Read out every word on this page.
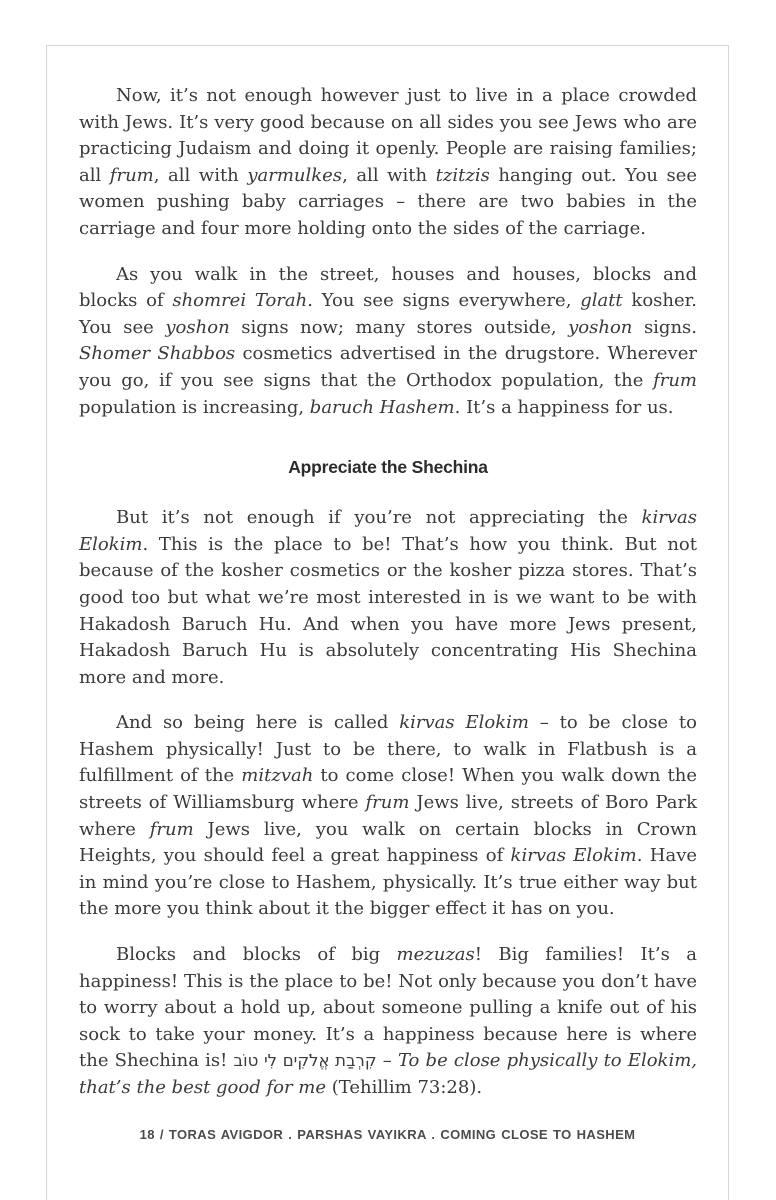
Now, it’s not enough however just to live in a place crowded with Jews. It’s very good because on all sides you see Jews who are practicing Judaism and doing it openly. People are raising families; all frum, all with yarmulkes, all with tzitzis hanging out. You see women pushing baby carriages – there are two babies in the carriage and four more holding onto the sides of the carriage.

As you walk in the street, houses and houses, blocks and blocks of shomrei Torah. You see signs everywhere, glatt kosher. You see yoshon signs now; many stores outside, yoshon signs. Shomer Shabbos cosmetics advertised in the drugstore. Wherever you go, if you see signs that the Orthodox population, the frum population is increasing, baruch Hashem. It’s a happiness for us.

Appreciate the Shechina

But it’s not enough if you’re not appreciating the kirvas Elokim. This is the place to be! That’s how you think. But not because of the kosher cosmetics or the kosher pizza stores. That’s good too but what we’re most interested in is we want to be with Hakadosh Baruch Hu. And when you have more Jews present, Hakadosh Baruch Hu is absolutely concentrating His Shechina more and more.

And so being here is called kirvas Elokim – to be close to Hashem physically! Just to be there, to walk in Flatbush is a fulfillment of the mitzvah to come close! When you walk down the streets of Williamsburg where frum Jews live, streets of Boro Park where frum Jews live, you walk on certain blocks in Crown Heights, you should feel a great happiness of kirvas Elokim. Have in mind you’re close to Hashem, physically. It’s true either way but the more you think about it the bigger effect it has on you.

Blocks and blocks of big mezuzas! Big families! It’s a happiness! This is the place to be! Not only because you don’t have to worry about a hold up, about someone pulling a knife out of his sock to take your money. It’s a happiness because here is where the Shechina is! קִרְבַת אֱלֹקִים לִי טוֹב – To be close physically to Elokim, that’s the best good for me (Tehillim 73:28).

18 / TORAS AVIGDOR . PARSHAS VAYIKRA . COMING CLOSE TO HASHEM
